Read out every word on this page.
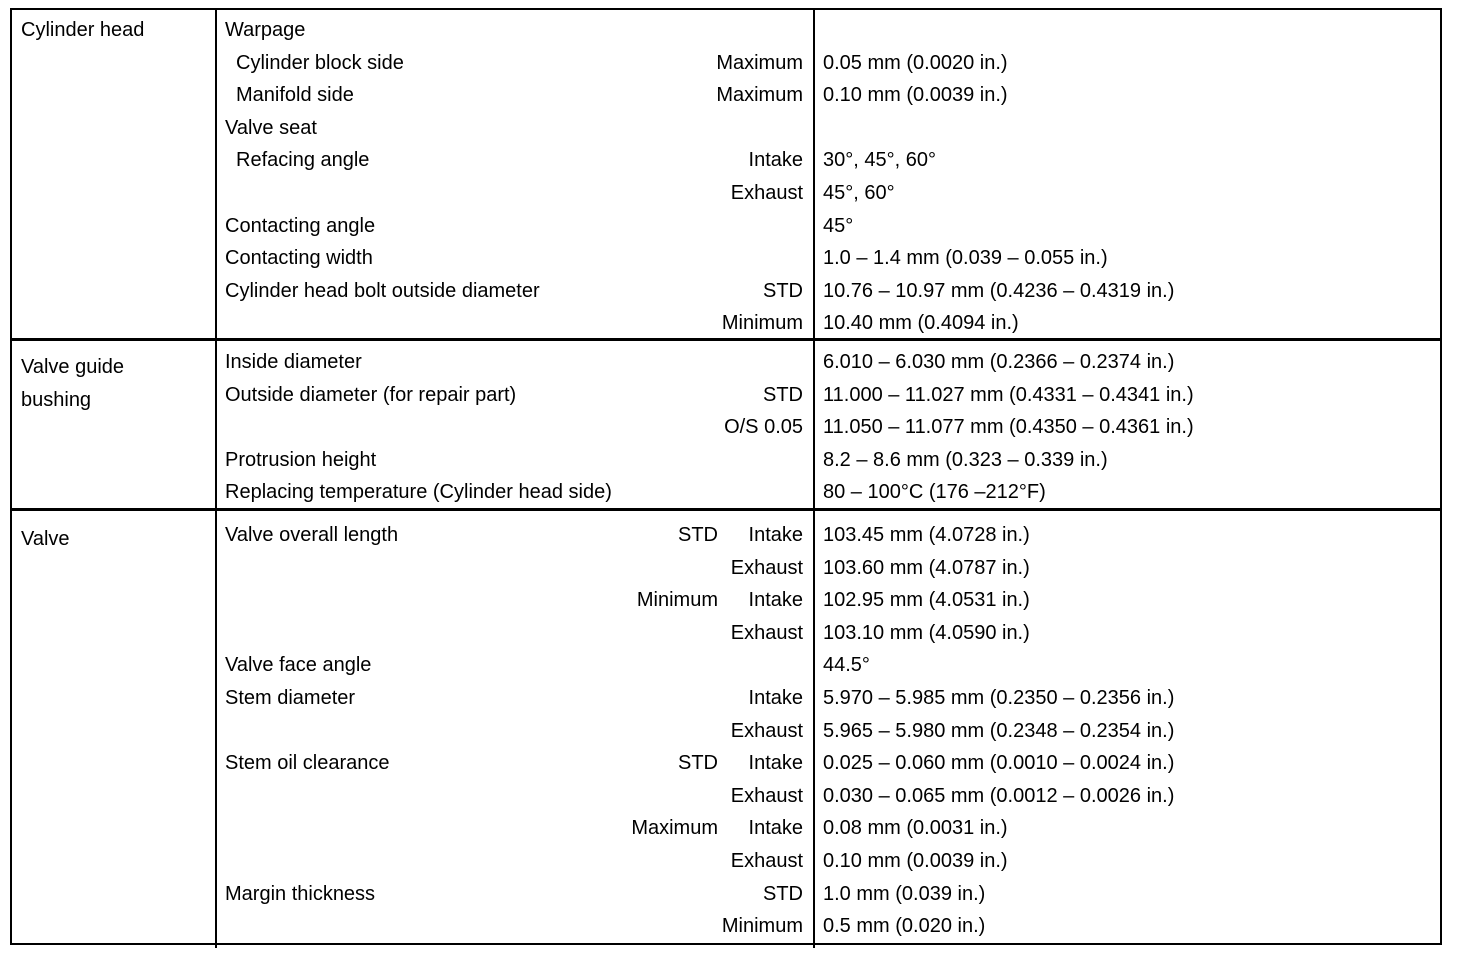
Cylinder head	Warpage
Cylinder block side	Maximum 0.05 mm (0.0020 in.)
Manifold side	Maximum 0.10 mm (0.0039 in.)
Valve seat
Refacing angle	Intake 30°, 45°, 60°
Exhaust 45°, 60°
Contacting angle	45°
Contacting width	1.0 – 1.4 mm (0.039 – 0.055 in.)
Cylinder head bolt outside diameter	STD 10.76 – 10.97 mm (0.4236 – 0.4319 in.)
Minimum 10.40 mm (0.4094 in.)
Valve guide bushing
Inside diameter	6.010 – 6.030 mm (0.2366 – 0.2374 in.)
Outside diameter (for repair part)	STD 11.000 – 11.027 mm (0.4331 – 0.4341 in.)
O/S 0.05 11.050 – 11.077 mm (0.4350 – 0.4361 in.)
Protrusion height	8.2 – 8.6 mm (0.323 – 0.339 in.)
Replacing temperature (Cylinder head side)	80 – 100°C (176 –212°F)
Valve	Valve overall length	STD Intake 103.45 mm (4.0728 in.)
Exhaust 103.60 mm (4.0787 in.)
Minimum Intake 102.95 mm (4.0531 in.)
Exhaust 103.10 mm (4.0590 in.)
Valve face angle	44.5°
Stem diameter	Intake 5.970 – 5.985 mm (0.2350 – 0.2356 in.)
Exhaust 5.965 – 5.980 mm (0.2348 – 0.2354 in.)
Stem oil clearance	STD Intake 0.025 – 0.060 mm (0.0010 – 0.0024 in.)
Exhaust 0.030 – 0.065 mm (0.0012 – 0.0026 in.)
Maximum Intake 0.08 mm (0.0031 in.)
Exhaust 0.10 mm (0.0039 in.)
Margin thickness	STD 1.0 mm (0.039 in.)
Minimum 0.5 mm (0.020 in.)
